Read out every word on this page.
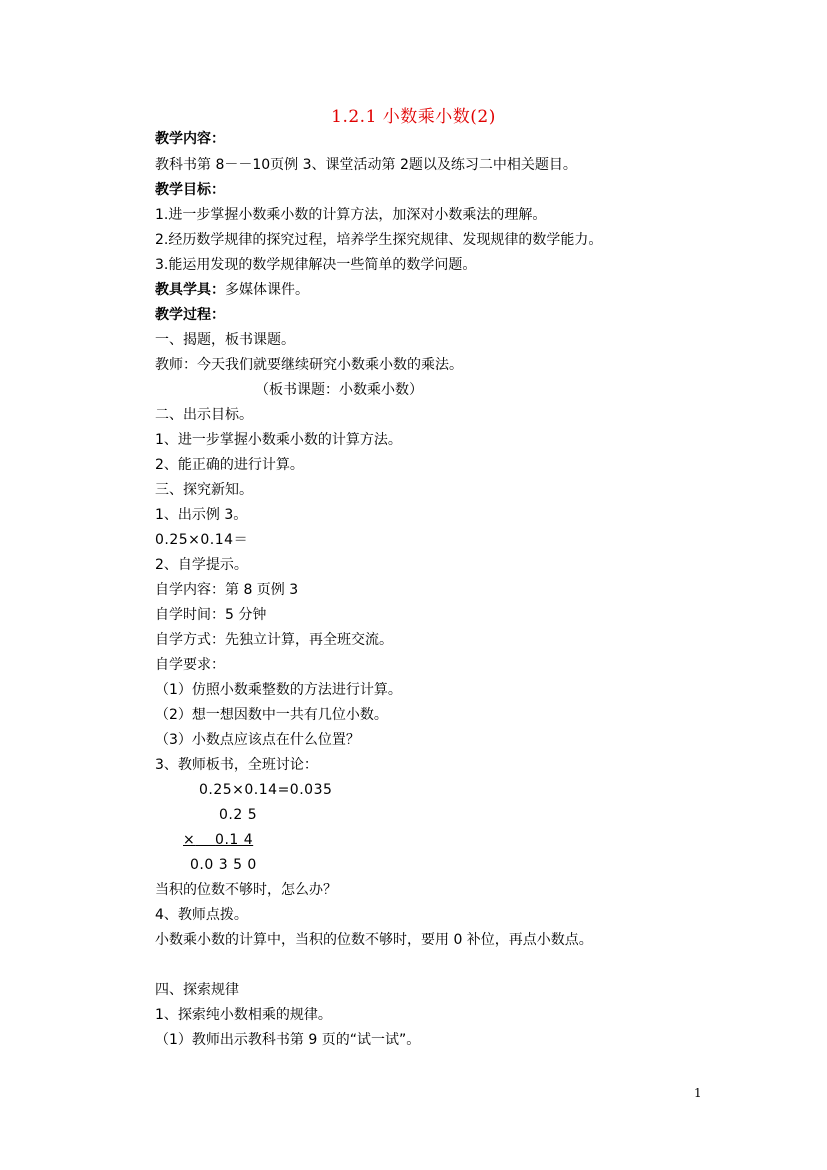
1.2.1 小数乘小数(2)
教学内容：
教科书第 8－－10页例 3、课堂活动第 2题以及练习二中相关题目。
教学目标：
1.进一步掌握小数乘小数的计算方法，加深对小数乘法的理解。
2.经历数学规律的探究过程，培养学生探究规律、发现规律的数学能力。
3.能运用发现的数学规律解决一些简单的数学问题。
教具学具：多媒体课件。
教学过程：
一、揭题，板书课题。
教师：今天我们就要继续研究小数乘小数的乘法。
（板书课题：小数乘小数）
二、出示目标。
1、进一步掌握小数乘小数的计算方法。
2、能正确的进行计算。
三、探究新知。
1、出示例 3。
0.25×0.14＝
2、自学提示。
自学内容：第 8 页例 3
自学时间：5 分钟
自学方式：先独立计算，再全班交流。
自学要求：
（1）仿照小数乘整数的方法进行计算。
（2）想一想因数中一共有几位小数。
（3）小数点应该点在什么位置？
3、教师板书，全班讨论：
0.25×0.14=0.035
0.2 5
× 0.1 4
0.0 3 5 0
当积的位数不够时，怎么办？
4、教师点拨。
小数乘小数的计算中，当积的位数不够时，要用 0 补位，再点小数点。
四、探索规律
1、探索纯小数相乘的规律。
（1）教师出示教科书第 9 页的“试一试”。
1
